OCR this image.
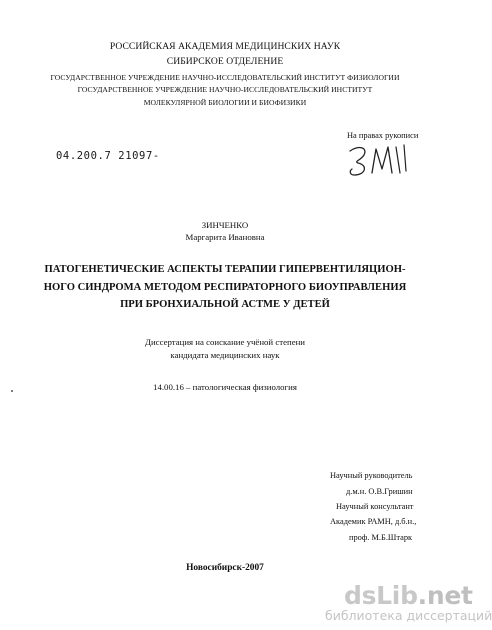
РОССИЙСКАЯ АКАДЕМИЯ МЕДИЦИНСКИХ НАУК
СИБИРСКОЕ ОТДЕЛЕНИЕ
ГОСУДАРСТВЕННОЕ УЧРЕЖДЕНИЕ НАУЧНО-ИССЛЕДОВАТЕЛЬСКИЙ ИНСТИТУТ ФИЗИОЛОГИИ
ГОСУДАРСТВЕННОЕ УЧРЕЖДЕНИЕ НАУЧНО-ИССЛЕДОВАТЕЛЬСКИЙ ИНСТИТУТ
МОЛЕКУЛЯРНОЙ БИОЛОГИИ И БИОФИЗИКИ
На правах рукописи
04.200.7 21097-
ЗИНЧЕНКО
Маргарита Ивановна
ПАТОГЕНЕТИЧЕСКИЕ АСПЕКТЫ ТЕРАПИИ ГИПЕРВЕНТИЛЯЦИОН-
НОГО СИНДРОМА МЕТОДОМ РЕСПИРАТОРНОГО БИОУПРАВЛЕНИЯ
ПРИ БРОНХИАЛЬНОЙ АСТМЕ У ДЕТЕЙ
Диссертация на соискание учёной степени
кандидата медицинских наук
14.00.16 – патологическая физиология
Научный руководитель
д.м.н. О.В.Гришин
Научный консультант
Академик РАМН, д.б.н.,
проф. М.Б.Штарк
Новосибирск-2007
dsLib.net
библиотека диссертаций
